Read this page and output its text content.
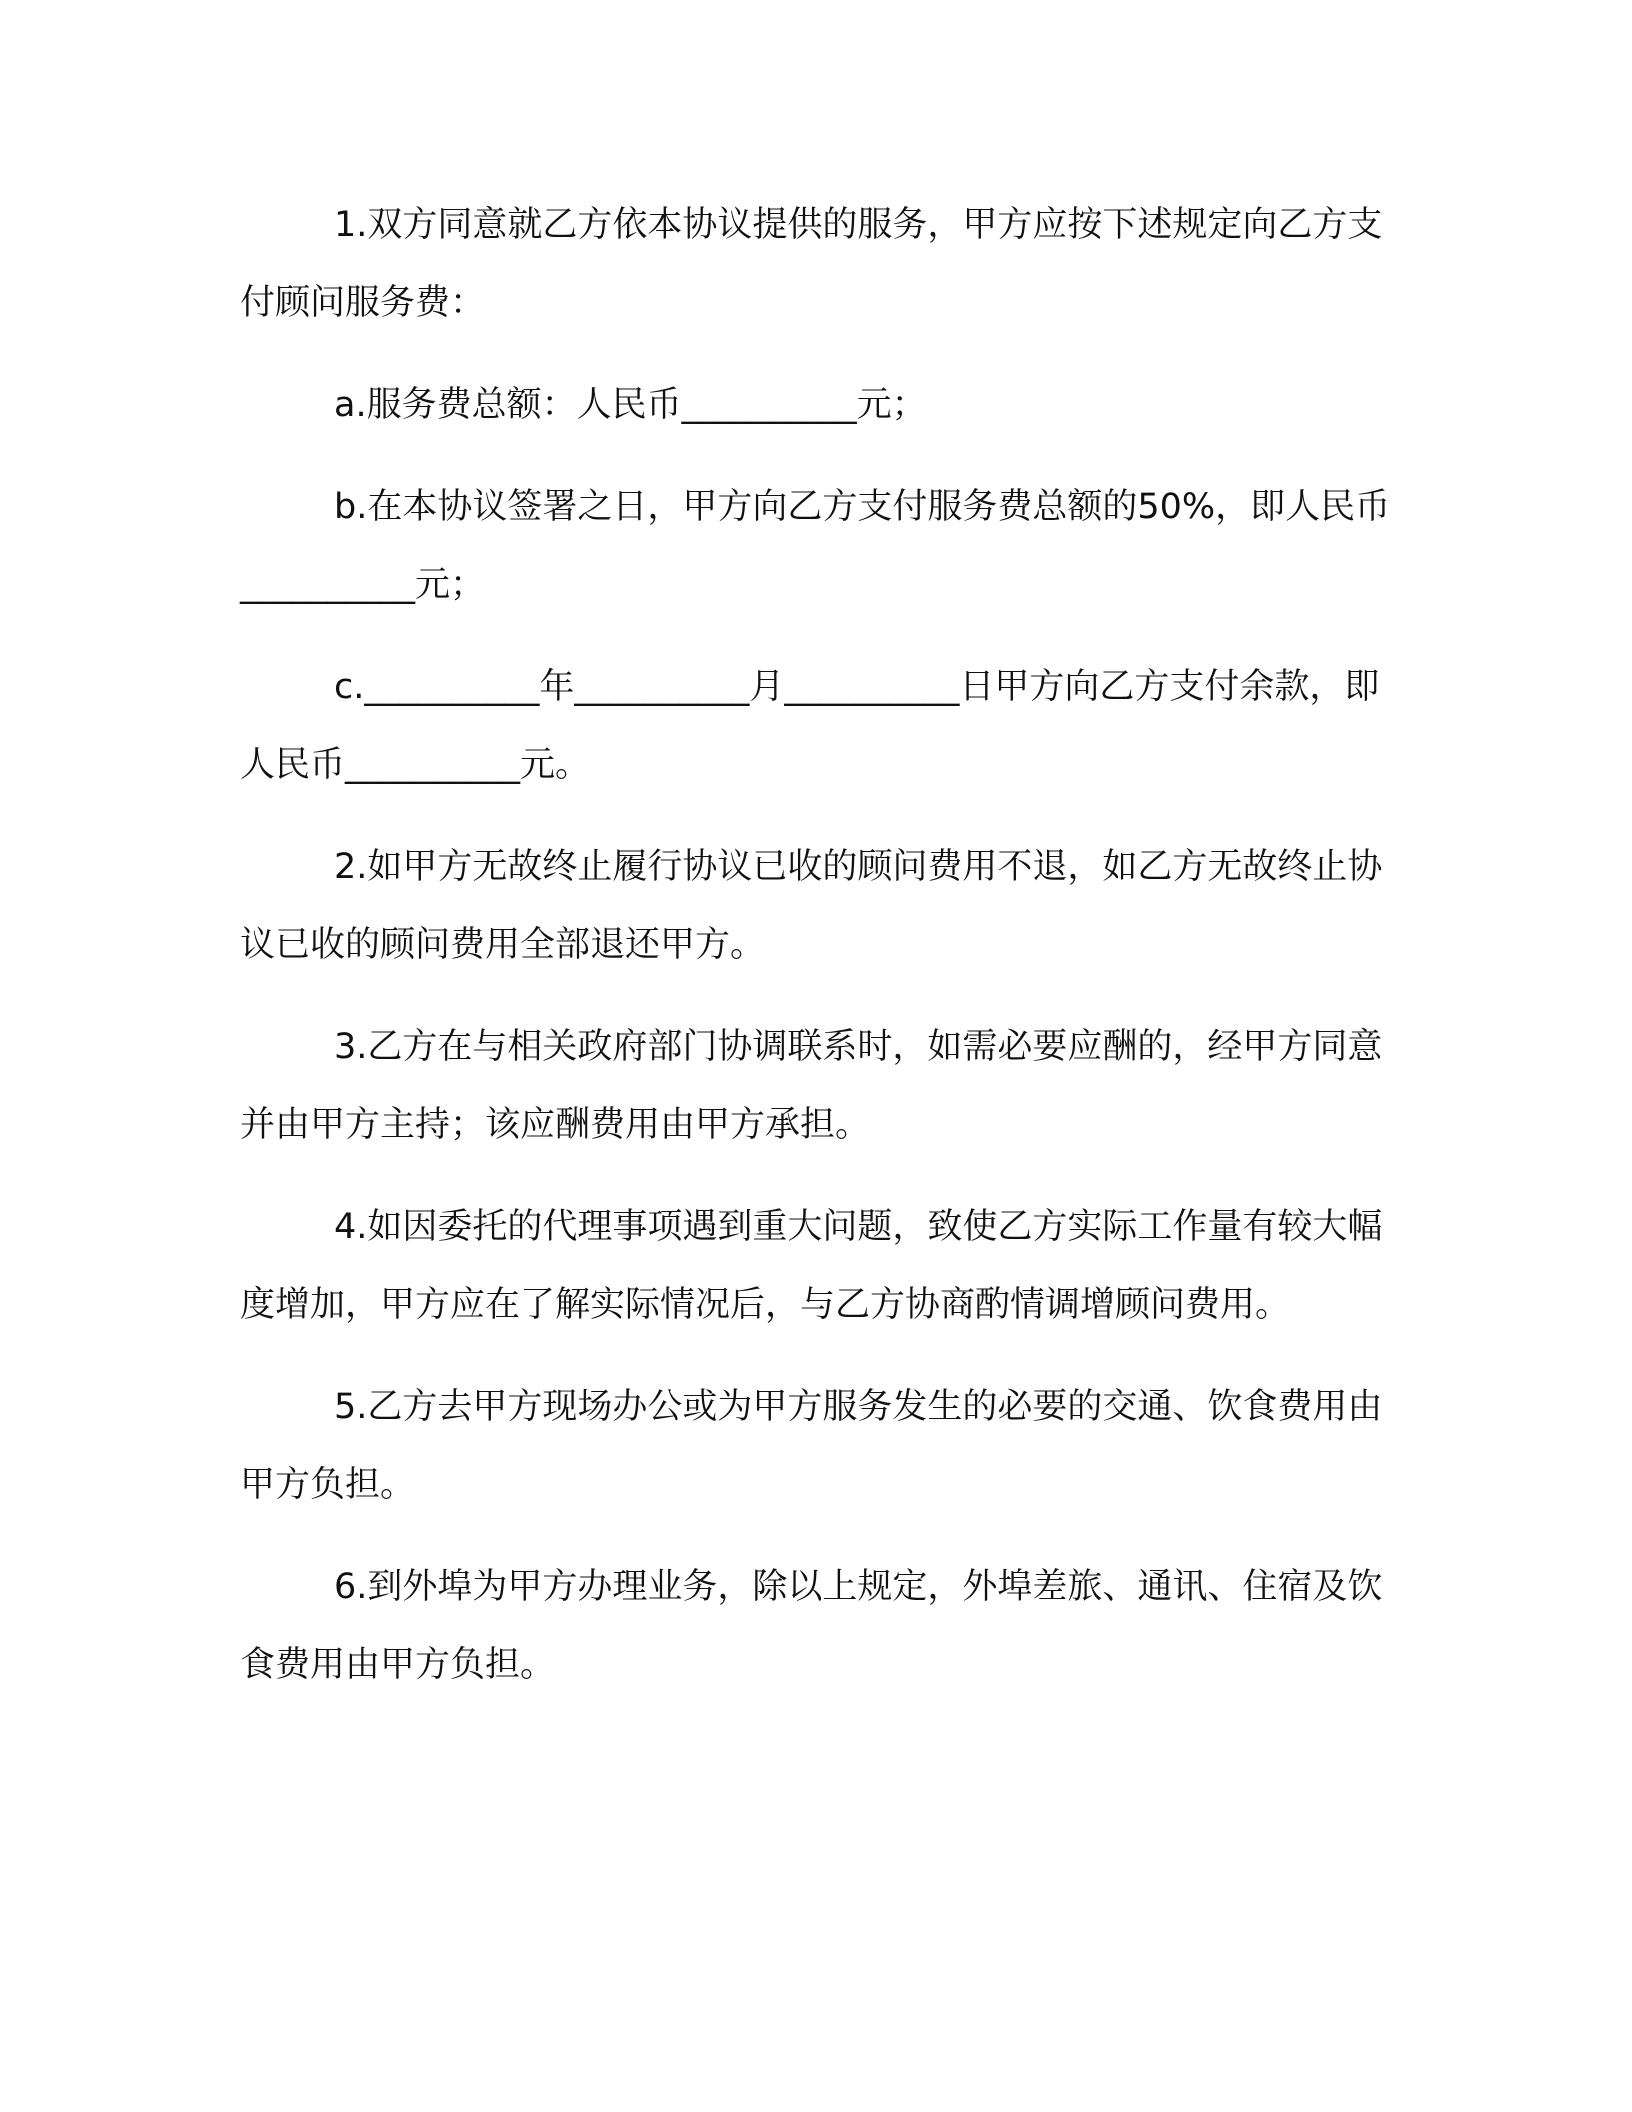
1.双方同意就乙方依本协议提供的服务，甲方应按下述规定向乙方支付顾问服务费：

a.服务费总额：人民币__________元；

b.在本协议签署之日，甲方向乙方支付服务费总额的50%，即人民币__________元；

c.__________年__________月__________日甲方向乙方支付余款，即人民币__________元。

2.如甲方无故终止履行协议已收的顾问费用不退，如乙方无故终止协议已收的顾问费用全部退还甲方。

3.乙方在与相关政府部门协调联系时，如需必要应酬的，经甲方同意并由甲方主持；该应酬费用由甲方承担。

4.如因委托的代理事项遇到重大问题，致使乙方实际工作量有较大幅度增加，甲方应在了解实际情况后，与乙方协商酌情调增顾问费用。

5.乙方去甲方现场办公或为甲方服务发生的必要的交通、饮食费用由甲方负担。

6.到外埠为甲方办理业务，除以上规定，外埠差旅、通讯、住宿及饮食费用由甲方负担。
